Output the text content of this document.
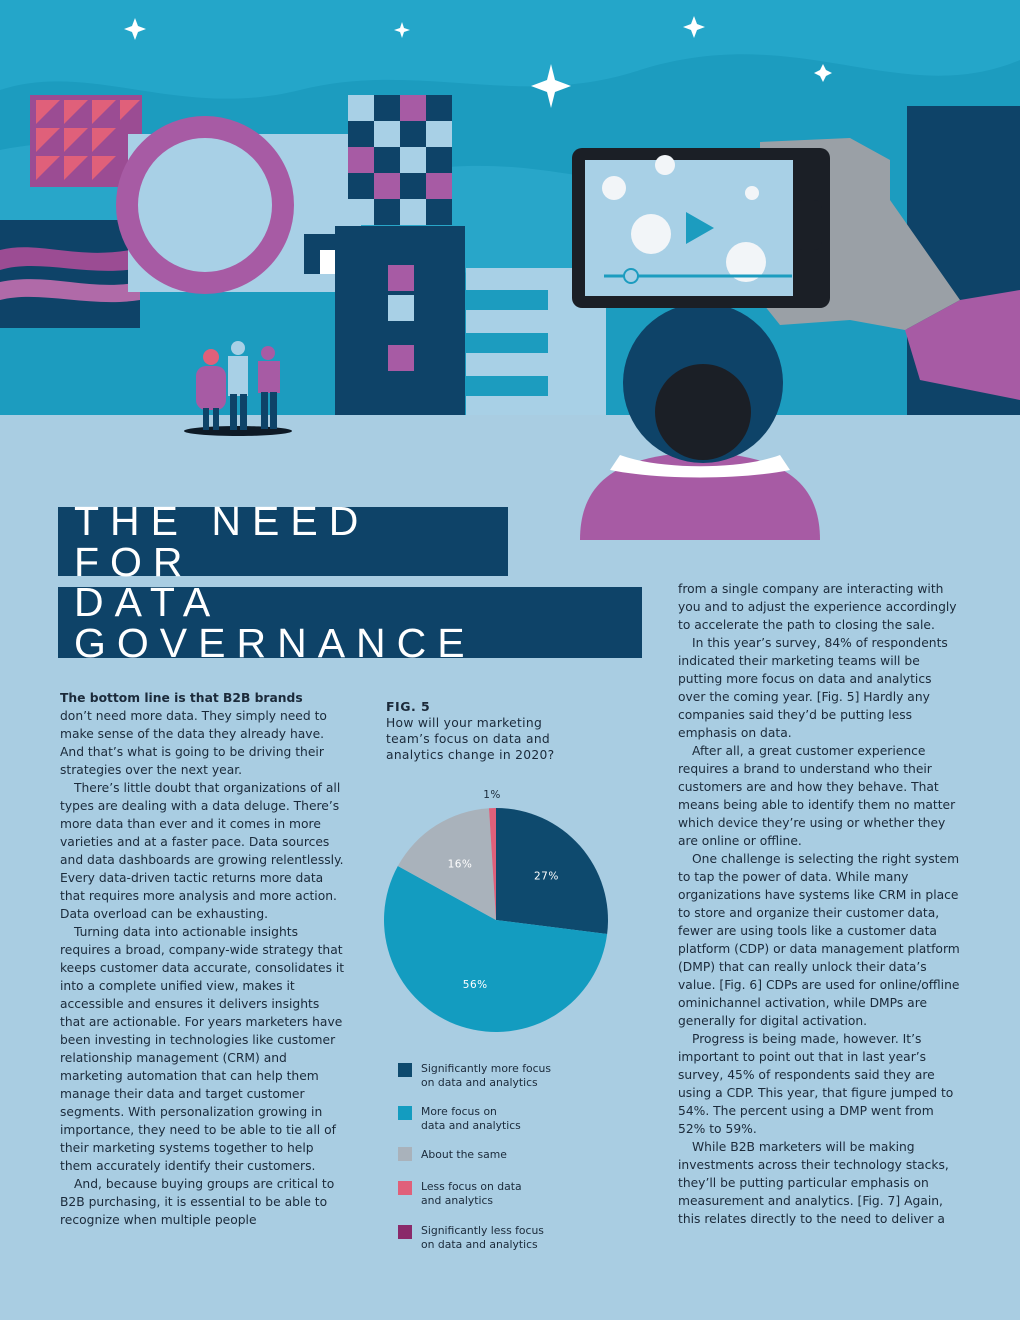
THE NEED FOR
DATA GOVERNANCE

The bottom line is that B2B brands

don’t need more data. They simply need to make sense of the data they already have. And that’s what is going to be driving their strategies over the next year.

There’s little doubt that organizations of all types are dealing with a data deluge. There’s more data than ever and it comes in more varieties and at a faster pace. Data sources and data dashboards are growing relentlessly. Every data-driven tactic returns more data that requires more analysis and more action. Data overload can be exhausting.

Turning data into actionable insights requires a broad, company-wide strategy that keeps customer data accurate, consolidates it into a complete unified view, makes it accessible and ensures it delivers insights that are actionable. For years marketers have been investing in technologies like customer relationship management (CRM) and marketing automation that can help them manage their data and target customer segments. With personalization growing in importance, they need to be able to tie all of their marketing systems together to help them accurately identify their customers.

And, because buying groups are critical to B2B purchasing, it is essential to be able to recognize when multiple people

FIG. 5
How will your marketing team’s focus on data and analytics change in 2020?
27%
56%
16%
1%
Significantly more focus
on data and analytics
More focus on
data and analytics
About the same
Less focus on data
and analytics
Significantly less focus
on data and analytics

from a single company are interacting with you and to adjust the experience accordingly to accelerate the path to closing the sale.

In this year’s survey, 84% of respondents indicated their marketing teams will be putting more focus on data and analytics over the coming year. [Fig. 5] Hardly any companies said they’d be putting less emphasis on data.

After all, a great customer experience requires a brand to understand who their customers are and how they behave. That means being able to identify them no matter which device they’re using or whether they are online or offline.

One challenge is selecting the right system to tap the power of data. While many organizations have systems like CRM in place to store and organize their customer data, fewer are using tools like a customer data platform (CDP) or data management platform (DMP) that can really unlock their data’s value. [Fig. 6] CDPs are used for online/offline ominichannel activation, while DMPs are generally for digital activation.

Progress is being made, however. It’s important to point out that in last year’s survey, 45% of respondents said they are using a CDP. This year, that figure jumped to 54%. The percent using a DMP went from 52% to 59%.

While B2B marketers will be making investments across their technology stacks, they’ll be putting particular emphasis on measurement and analytics. [Fig. 7] Again, this relates directly to the need to deliver a
